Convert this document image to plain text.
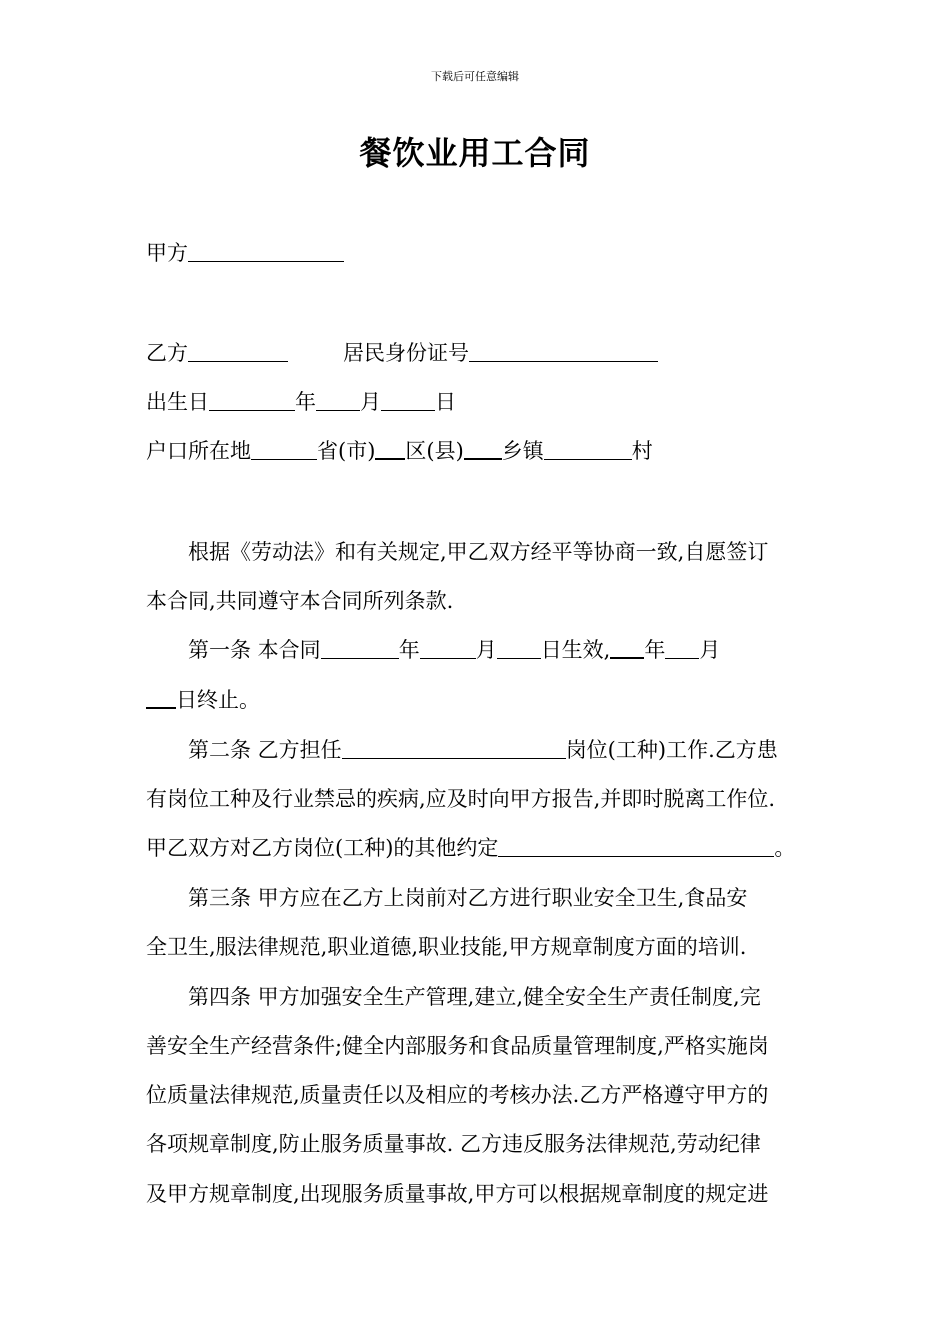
下载后可任意编辑
餐饮业用工合同
甲方
乙方	居民身份证号
出生日	年 月	日
户口所在地	省(市) 区(县) 乡镇	村
根据《劳动法》和有关规定,甲乙双方经平等协商一致,自愿签订
本合同,共同遵守本合同所列条款.
第一条 本合同	年	月 日生效, 年 月
日终止。
第二条 乙方担任	岗位(工种)工作.乙方患
有岗位工种及行业禁忌的疾病,应及时向甲方报告,并即时脱离工作位.
甲乙双方对乙方岗位(工种)的其他约定	。
第三条 甲方应在乙方上岗前对乙方进行职业安全卫生,食品安
全卫生,服法律规范,职业道德,职业技能,甲方规章制度方面的培训.
第四条 甲方加强安全生产管理,建立,健全安全生产责任制度,完
善安全生产经营条件;健全内部服务和食品质量管理制度,严格实施岗
位质量法律规范,质量责任以及相应的考核办法.乙方严格遵守甲方的
各项规章制度,防止服务质量事故. 乙方违反服务法律规范,劳动纪律
及甲方规章制度,出现服务质量事故,甲方可以根据规章制度的规定进
